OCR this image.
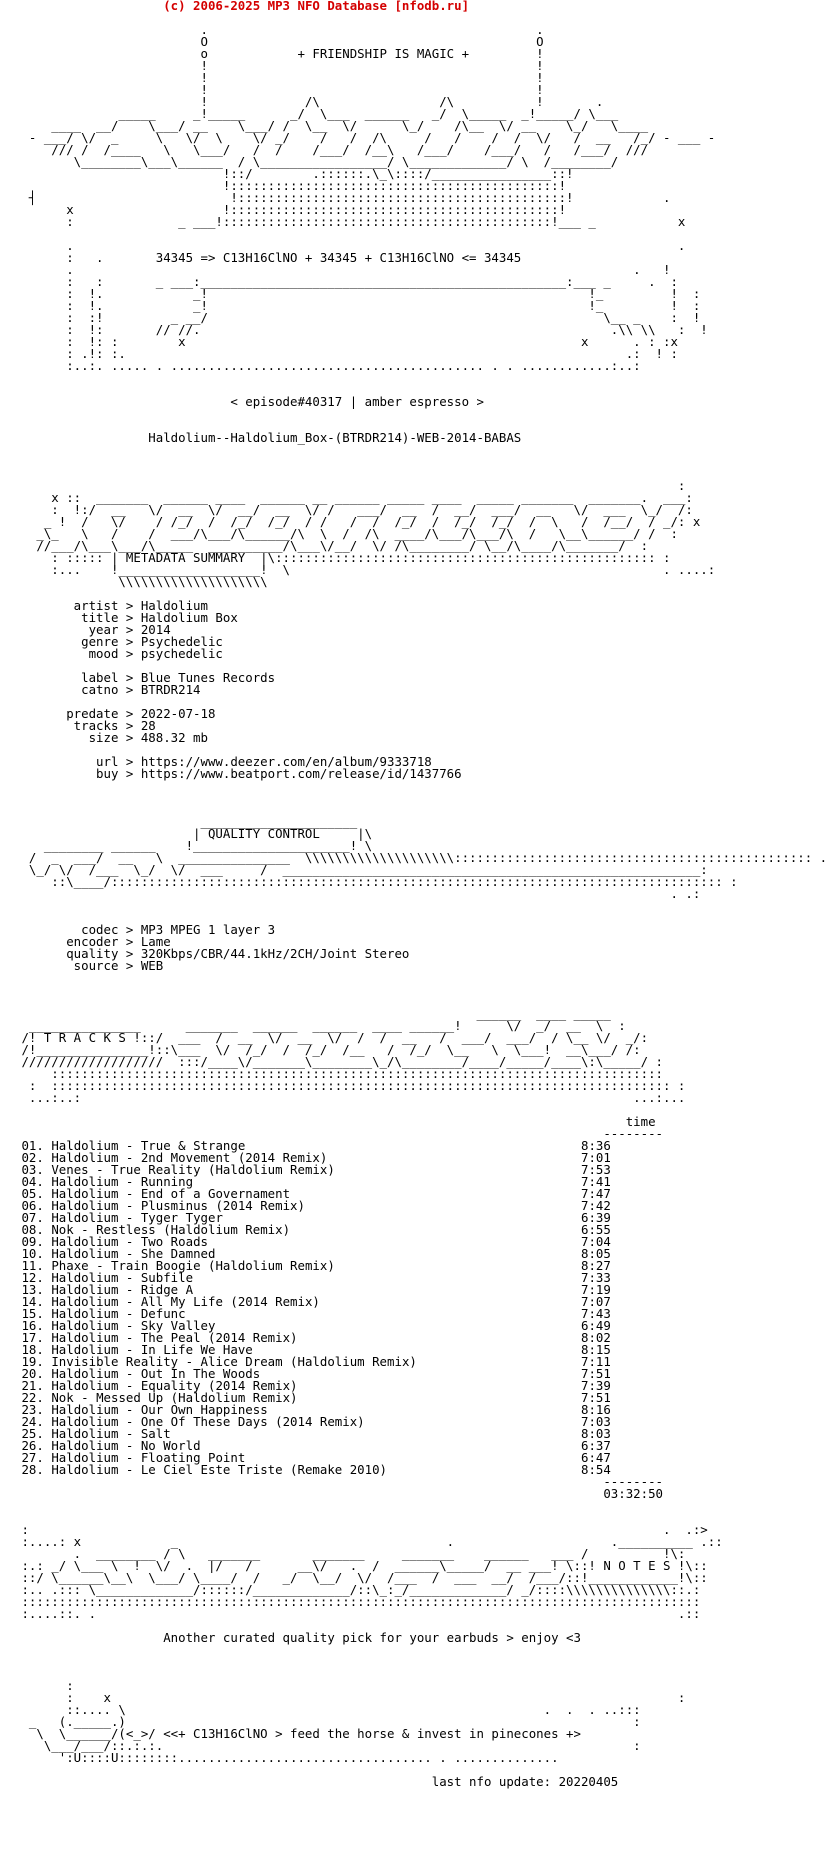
(c) 2006-2025 MP3 NFO Database [nfodb.ru]

.                                            .
O                                            O
o            + FRIENDSHIP IS MAGIC +         !
!                                            !
!                                            !
!                                            !
!             /\                /\           !       .
_____     _!_____      _/  \___  ______   _/  \_____  _!_____/ \___
____  __/    \___/ __    \___/ /  \__  \/      \_/    /\__  \/ __    \_/   \____
- ___/ \/  _     \   \/  \    \/ _/    /   /  /\     /   /    /  /  \/   /  __   /_/ - ___ -
/// /  /____   \   \___/   /  /    /___/  /__\   /___/    /___/   /   /___/  ///
\________\___\______  / \_________________/ \_____________/ \  /________/
!::/        .::::::.\_\::::/________________::!
!::::::::::::::::::::::::::::::::::::::::::::!
┤                          !::::::::::::::::::::::::::::::::::::::::::::!            .
x                    !::::::::::::::::::::::::::::::::::::::::::::!
:              _ ___!::::::::::::::::::::::::::::::::::::::::::::!___ _           x

.                                                                                 .
:   .       34345 => C13H16ClNO + 34345 + C13H16ClNO <= 34345
.                                                                           .   !
:   :       _ ___:_________________________________________________:___ _     .  :
:  !.            _!                                                   !_         !  :
:  !.            _!                                                   !_         !  :
:  :!         _ __/                                                     \__ _    :  !
:  !:       // //.                                                       .\\ \\   :  !
:  !: :        x                                                     x      . : :x
: .!: :.                                                                   .:  ! :
:..:. ..... . .......................................... . . ............:..:

< episode#40317 | amber espresso >

Haldolium--Haldolium_Box-(BTRDR214)-WEB-2014-BABAS

:
x ::  _______  ______ ____  ______ __ ______ _____ ____  _____ _______  _______.  ___:
:  !:/  __   \/  __  \/  __/  __  \/ /   ___/  __  /  __/  ___/  __   \/  ___  \_/  /:
_ !  /   \/    / /_/  /  /_/  /_/  / /   /  /  /_/  /  /_/  /_/  /  \   /  /__/  / _/: x
_\_   \   /    /  ___/\___/\______/\  \  /  /\  ____/\___/\___/\  /   \__\______/ /  :
//___/\___\___/\_____  __________/\___\/__/  \/ /\________/ \__/\____/\_______/  :
: ::::: | METADATA SUMMARY  |\::::::::::::::::::::::::::::::::::::::::::::::::::: :
:...    !___________________!  \                                                  . ....:
\\\\\\\\\\\\\\\\\\\\

artist > Haldolium
title > Haldolium Box
year > 2014
genre > Psychedelic
mood > psychedelic

label > Blue Tunes Records
catno > BTRDR214

predate > 2022-07-18
tracks > 28
size > 488.32 mb

url > https://www.deezer.com/en/album/9333718
buy > https://www.beatport.com/release/id/1437766

_____________________
| QUALITY CONTROL     |\
________ ______    !_____________________! \
/  _  ___/  __   \  _______________  \\\\\\\\\\\\\\\\\\\\:::::::::::::::::::::::::::::::::::::::::::::::: .
\_/ \/  /___  \_/  \/  ___     /  ________________________________________________________:
::\____/:::::::::::::::::::::::::::::::::::::::::::::::::::::::::::::::::::::::::::::::::: :
. .:

codec > MP3 MPEG 1 layer 3
encoder > Lame
quality > 320Kbps/CBR/44.1kHz/2CH/Joint Stereo
source > WEB

______  ____ _____
_______________      _______  ______  ______  ____ ______!      \/  _/  __  \  :
/! T R A C K S !::/  ___  /  __  \/  __  \/  /  /  __   /  ___/  ___/  / \__ \/  _/:
/!_______________!::\___  \/  /_/  /  /_/  /__   /  /_/  \__   \  \___!  __\___/ /:
///////////////////  :::/____\/_______\________\_/\________/____/_____/____\:\_____/ :
::::::::::::::::::::::::::::::::::::::::::::::::::::::::::::::::::::::::::::::::::
:  ::::::::::::::::::::::::::::::::::::::::::::::::::::::::::::::::::::::::::::::::::: :
...:..:                                                                          ...:...

time
--------
01. Haldolium - True & Strange	8:36
02. Haldolium - 2nd Movement (2014 Remix)	7:01
03. Venes - True Reality (Haldolium Remix)	7:53
04. Haldolium - Running	7:41
05. Haldolium - End of a Governament	7:47
06. Haldolium - Plusminus (2014 Remix)	7:42
07. Haldolium - Tyger Tyger	6:39
08. Nok - Restless (Haldolium Remix)	6:55
09. Haldolium - Two Roads	7:04
10. Haldolium - She Damned	8:05
11. Phaxe - Train Boogie (Haldolium Remix)	8:27
12. Haldolium - Subfile	7:33
13. Haldolium - Ridge A	7:19
14. Haldolium - All My Life (2014 Remix)	7:07
15. Haldolium - Defunc	7:43
16. Haldolium - Sky Valley	6:49
17. Haldolium - The Peal (2014 Remix)	8:02
18. Haldolium - In Life We Have	8:15
19. Invisible Reality - Alice Dream (Haldolium Remix)	7:11
20. Haldolium - Out In The Woods	7:51
21. Haldolium - Equality (2014 Remix)	7:39
22. Nok - Messed Up (Haldolium Remix)	7:51
23. Haldolium - Our Own Happiness	8:16
24. Haldolium - One Of These Days (2014 Remix)	7:03
25. Haldolium - Salt	8:03
26. Haldolium - No World	6:37
27. Haldolium - Floating Point	6:47
28. Haldolium - Le Ciel Este Triste (Remake 2010)	8:54
--------
03:32:50

:                                                                                     .  .:>
:....: x            _                                    .                     .__________ .::
.  ________ / \   _______       _______     _______    ______   ___ /          !\:
:.: _/ \___ \  !  \/  .  |/   /      __\/   .  /  ______\_____/  __ ___! \::! N O T E S !\::
::/ \______\__\  \___/ \____/  /   _/  \__/  \/  /___  /  ___  __/  /___/::!____________!\::
:.. .::: \_____________/::::::/_____________/::\_:_/_____________/ _/::::\\\\\\\\\\\\\\::.:
:::::::::::::::::::::::::::::::::::::::::::::::::::::::::::::::::::::::::::::::::::::::::::
:....::. .                                                                              .::

Another curated quality pick for your earbuds > enjoy <3

:
:    x                                                                            :
::.... \                                                        .  .  . ..:::
_   (._____.)                                                                    :
\  \______/(<_>/ <<+ C13H16ClNO > feed the horse & invest in pinecones +>
\___/___/::.:.:.                                                               :
':U::::U::::::::.................................. . ..............

last nfo update: 20220405
